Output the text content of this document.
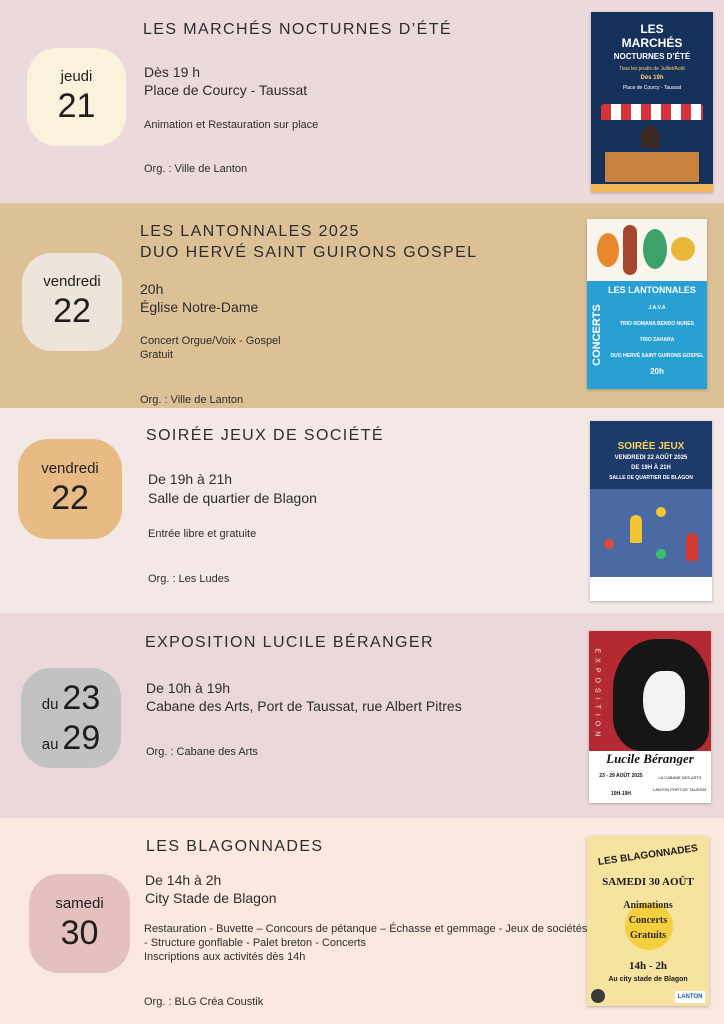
LES MARCHÉS NOCTURNES D’ÉTÉ
jeudi
21
Dès 19 h
Place de Courcy - Taussat
Animation et Restauration sur place
Org. : Ville de Lanton
LES
MARCHÉS
NOCTURNES D’ÉTÉ
Tous les jeudis de Juillet/Août
Dès 19h
Place de Courcy - Taussat
LES LANTONNALES 2025
DUO HERVÉ SAINT GUIRONS GOSPEL
vendredi
22
20h
Église Notre-Dame
Concert Orgue/Voix - Gospel
Gratuit
Org. : Ville de Lanton
LES LANTONNALES
CONCERTS	J.A.V.A
TRIO ROMANA BENDO NUNES
TRIO ZAHARA
DUO HERVÉ SAINT GUIRONS GOSPEL
20h
SOIRÉE JEUX DE SOCIÉTÉ
vendredi
22	De 19h à 21h
Salle de quartier de Blagon
Entrée libre et gratuite
Org. : Les Ludes
SOIRÉE JEUX
VENDREDI 22 AOÛT 2025
DE 19H À 21H
SALLE DE QUARTIER DE BLAGON
EXPOSITION LUCILE BÉRANGER
du 23
au 29
De 10h à 19h
Cabane des Arts, Port de Taussat, rue Albert Pitres
Org. : Cabane des Arts
EXPOSITION
Lucile Béranger
23 - 29 AOÛT 2025
10H-19H
LA CABANE DES ARTS
LANTON PORT DE TAUSSAT
LES BLAGONNADES
samedi
30
De 14h à 2h
City Stade de Blagon
Restauration - Buvette – Concours de pétanque – Échasse et gemmage - Jeux de sociétés
- Structure gonflable - Palet breton - Concerts
Inscriptions aux activités dès 14h
Org. : BLG Créa Coustik
LES BLAGONNADES
SAMEDI 30 AOÛT
Animations
Concerts
Gratuits
14h - 2h
Au city stade de Blagon
LANTON
